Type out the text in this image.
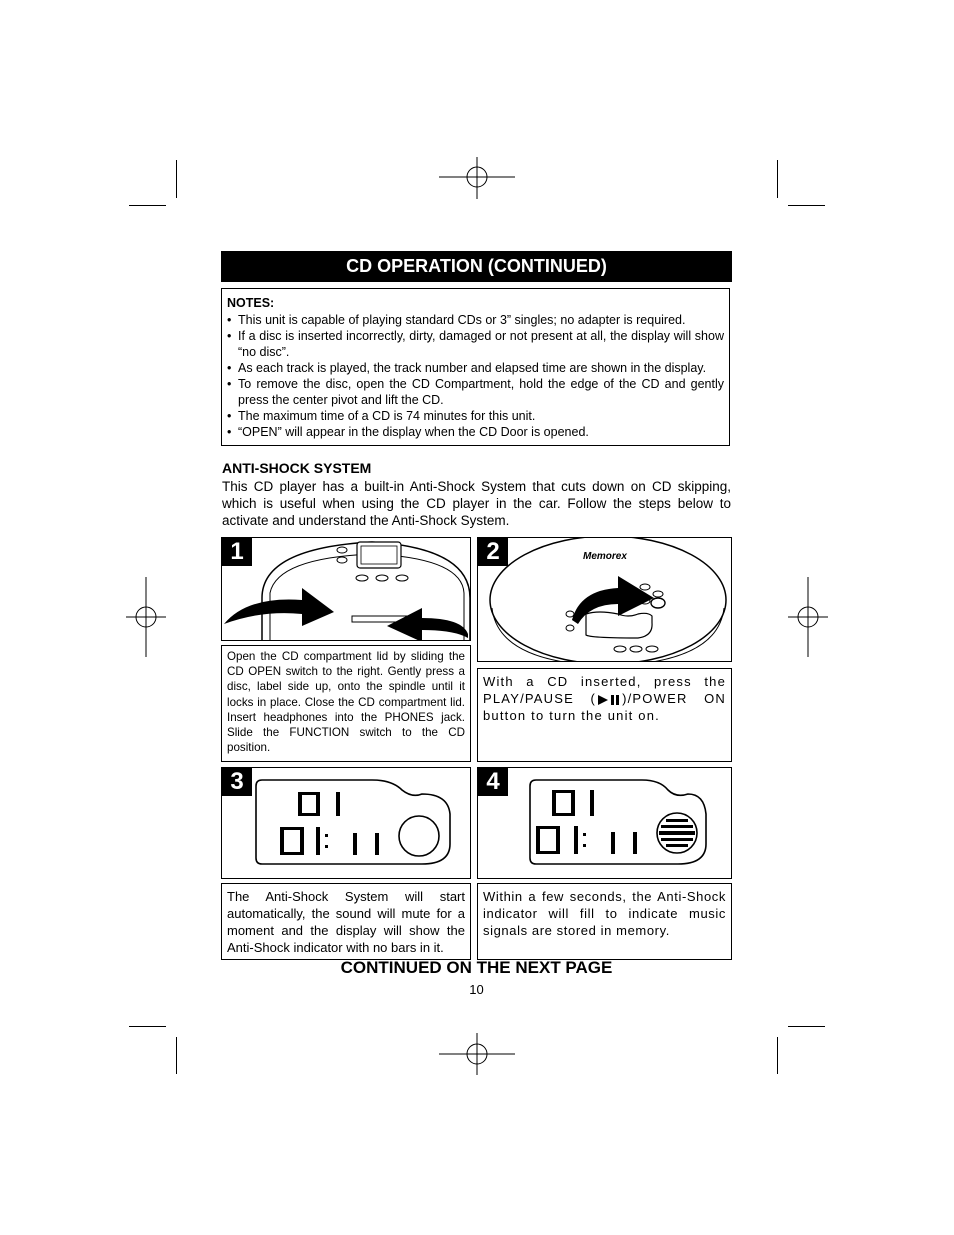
CD OPERATION (CONTINUED)
NOTES:
• This unit is capable of playing standard CDs or 3” singles; no adapter is required.
• If a disc is inserted incorrectly, dirty, damaged or not present at all, the display will show “no disc”.
• As each track is played, the track number and elapsed time are shown in the display.
• To remove the disc, open the CD Compartment, hold the edge of the CD and gently press the center pivot and lift the CD.
• The maximum time of a CD is 74 minutes for this unit.
• “OPEN” will appear in the display when the CD Door is opened.
ANTI-SHOCK SYSTEM
This CD player has a built-in Anti-Shock System that cuts down on CD skipping, which is useful when using the CD player in the car. Follow the steps below to activate and understand the Anti-Shock System.
1
Open the CD compartment lid by sliding the CD OPEN switch to the right. Gently press a disc, label side up, onto the spindle until it locks in place. Close the CD compartment lid. Insert headphones into the PHONES jack. Slide the FUNCTION switch to the CD position.
Memorex
2
With a CD inserted, press the PLAY/PAUSE ( )/POWER ON button to turn the unit on.
3
The Anti-Shock System will start automatically, the sound will mute for a moment and the display will show the Anti-Shock indicator with no bars in it.
4
Within a few seconds, the Anti-Shock indicator will fill to indicate music signals are stored in memory.
CONTINUED ON THE NEXT PAGE
10
